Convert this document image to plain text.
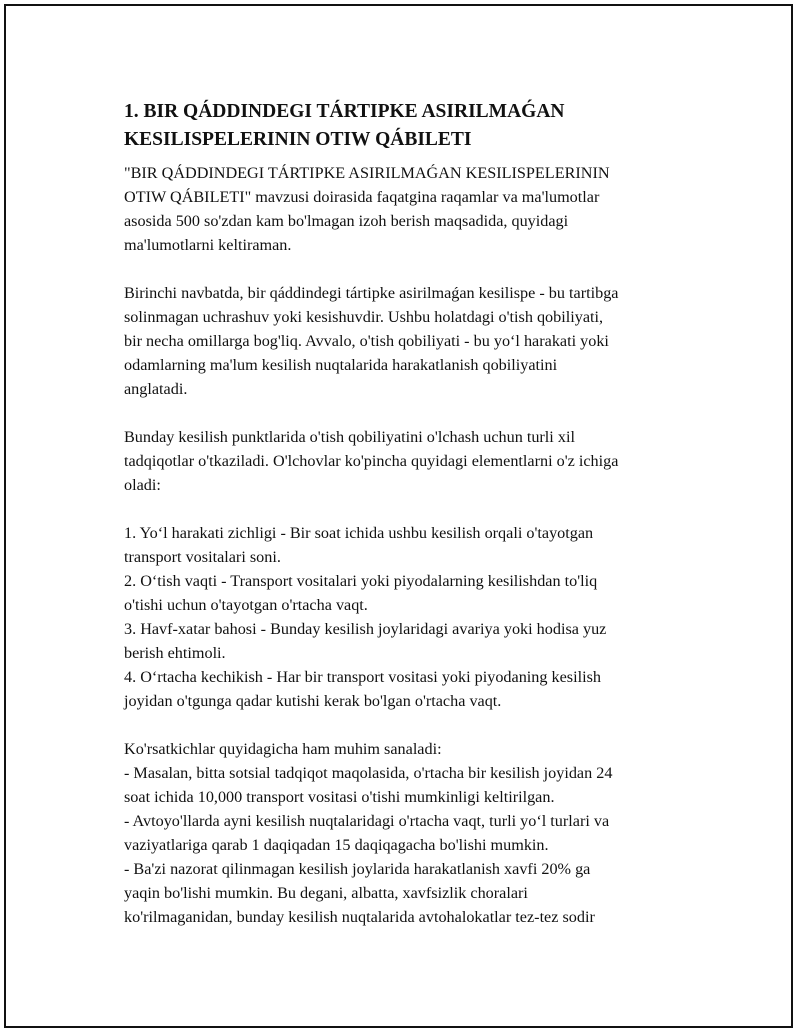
1. BIR QÁDDINDEGI TÁRTIPKE ASIRILMAǴAN
KESILISPELERININ OTIW QÁBILETI

"BIR QÁDDINDEGI TÁRTIPKE ASIRILMAǴAN KESILISPELERININ
OTIW QÁBILETI" mavzusi doirasida faqatgina raqamlar va ma'lumotlar
asosida 500 so'zdan kam bo'lmagan izoh berish maqsadida, quyidagi
ma'lumotlarni keltiraman.

Birinchi navbatda, bir qáddindegi tártipke asirilmaǵan kesilispe - bu tartibga
solinmagan uchrashuv yoki kesishuvdir. Ushbu holatdagi o'tish qobiliyati,
bir necha omillarga bog'liq. Avvalo, o'tish qobiliyati - bu yoʻl harakati yoki
odamlarning ma'lum kesilish nuqtalarida harakatlanish qobiliyatini
anglatadi.

Bunday kesilish punktlarida o'tish qobiliyatini o'lchash uchun turli xil
tadqiqotlar o'tkaziladi. O'lchovlar ko'pincha quyidagi elementlarni o'z ichiga
oladi:

1. Yoʻl harakati zichligi - Bir soat ichida ushbu kesilish orqali o'tayotgan
transport vositalari soni.
2. Oʻtish vaqti - Transport vositalari yoki piyodalarning kesilishdan to'liq
o'tishi uchun o'tayotgan o'rtacha vaqt.
3. Havf-xatar bahosi - Bunday kesilish joylaridagi avariya yoki hodisa yuz
berish ehtimoli.
4. Oʻrtacha kechikish - Har bir transport vositasi yoki piyodaning kesilish
joyidan o'tgunga qadar kutishi kerak bo'lgan o'rtacha vaqt.

Ko'rsatkichlar quyidagicha ham muhim sanaladi:
- Masalan, bitta sotsial tadqiqot maqolasida, o'rtacha bir kesilish joyidan 24
soat ichida 10,000 transport vositasi o'tishi mumkinligi keltirilgan.
- Avtoyo'llarda ayni kesilish nuqtalaridagi o'rtacha vaqt, turli yoʻl turlari va
vaziyatlariga qarab 1 daqiqadan 15 daqiqagacha bo'lishi mumkin.
- Ba'zi nazorat qilinmagan kesilish joylarida harakatlanish xavfi 20% ga
yaqin bo'lishi mumkin. Bu degani, albatta, xavfsizlik choralari
ko'rilmaganidan, bunday kesilish nuqtalarida avtohalokatlar tez-tez sodir
